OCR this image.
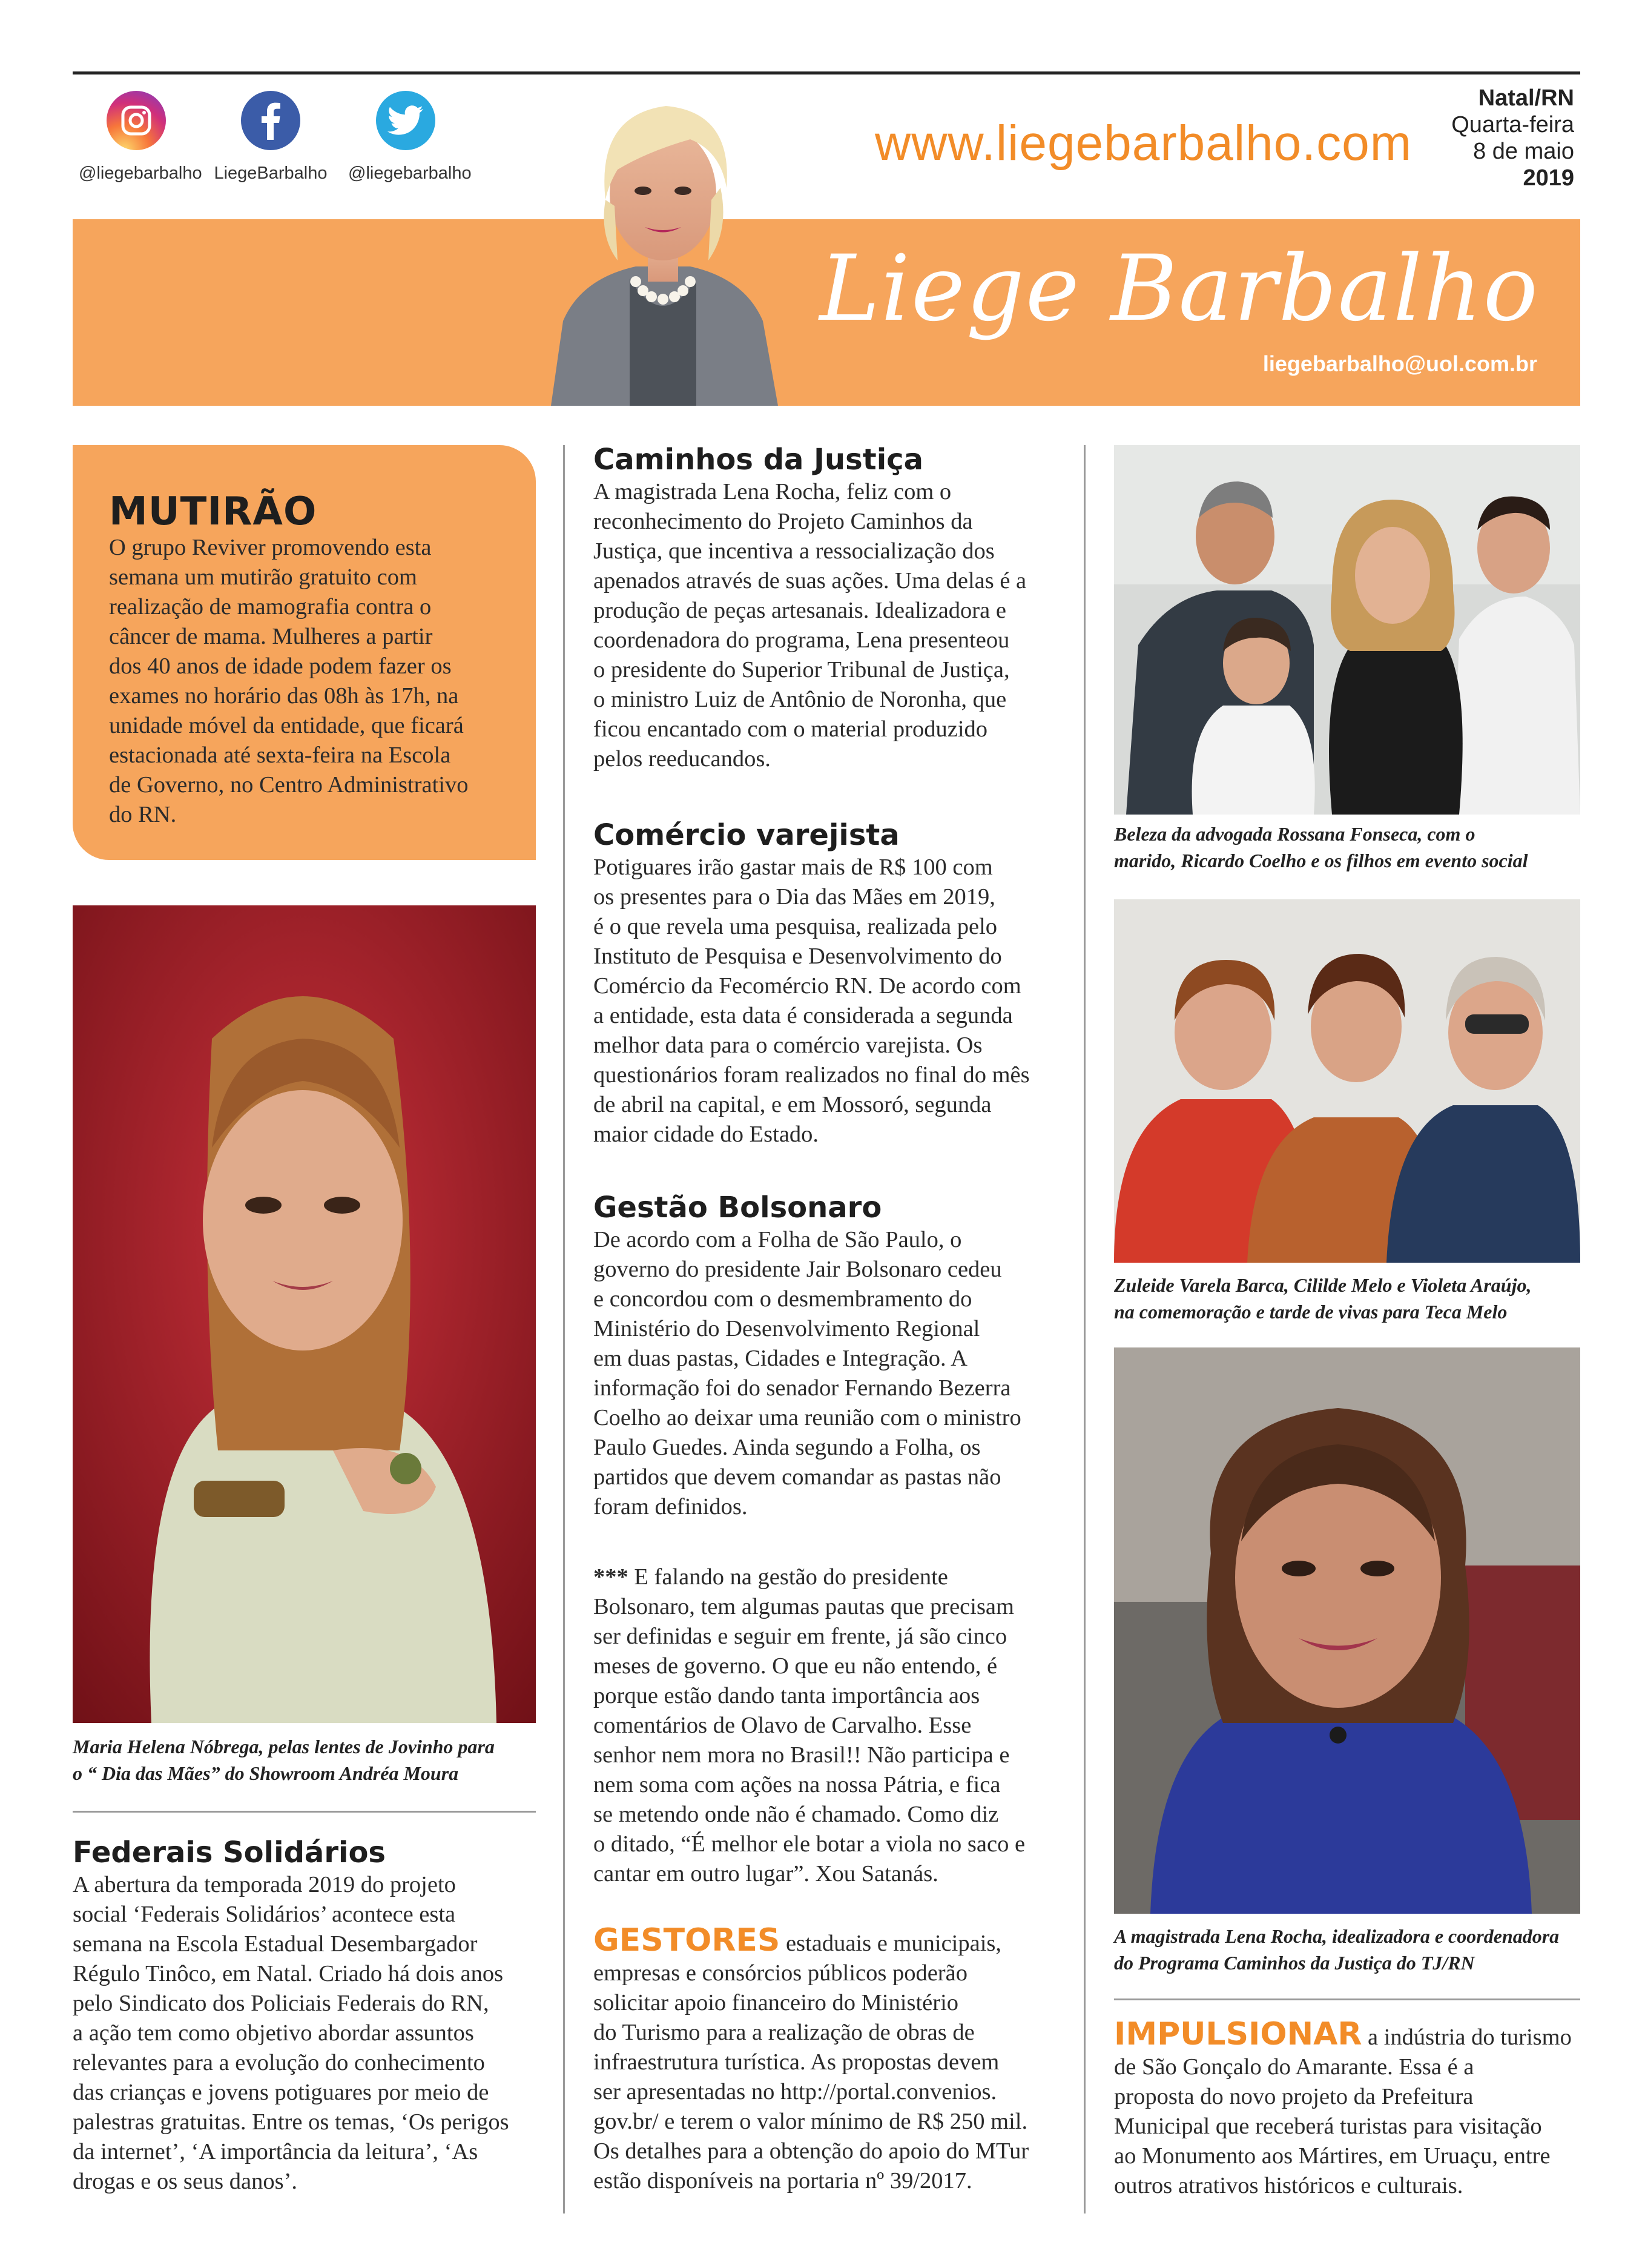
@liegebarbalho LiegeBarbalho @liegebarbalho
www.liegebarbalho.com
Natal/RN
Quarta-feira
8 de maio
2019
Liege Barbalho
liegebarbalho@uol.com.br
MUTIRÃO
O grupo Reviver promovendo esta
semana um mutirão gratuito com
realização de mamografia contra o
câncer de mama. Mulheres a partir
dos 40 anos de idade podem fazer os
exames no horário das 08h às 17h, na
unidade móvel da entidade, que ficará
estacionada até sexta-feira na Escola
de Governo, no Centro Administrativo
do RN.
Maria Helena Nóbrega, pelas lentes de Jovinho para
o “ Dia das Mães” do Showroom Andréa Moura
Federais Solidários
A abertura da temporada 2019 do projeto
social ‘Federais Solidários’ acontece esta
semana na Escola Estadual Desembargador
Régulo Tinôco, em Natal. Criado há dois anos
pelo Sindicato dos Policiais Federais do RN,
a ação tem como objetivo abordar assuntos
relevantes para a evolução do conhecimento
das crianças e jovens potiguares por meio de
palestras gratuitas. Entre os temas, ‘Os perigos
da internet’, ‘A importância da leitura’, ‘As
drogas e os seus danos’.
Caminhos da Justiça
A magistrada Lena Rocha, feliz com o
reconhecimento do Projeto Caminhos da
Justiça, que incentiva a ressocialização dos
apenados através de suas ações. Uma delas é a
produção de peças artesanais. Idealizadora e
coordenadora do programa, Lena presenteou
o presidente do Superior Tribunal de Justiça,
o ministro Luiz de Antônio de Noronha, que
ficou encantado com o material produzido
pelos reeducandos.
Comércio varejista
Potiguares irão gastar mais de R$ 100 com
os presentes para o Dia das Mães em 2019,
é o que revela uma pesquisa, realizada pelo
Instituto de Pesquisa e Desenvolvimento do
Comércio da Fecomércio RN. De acordo com
a entidade, esta data é considerada a segunda
melhor data para o comércio varejista. Os
questionários foram realizados no final do mês
de abril na capital, e em Mossoró, segunda
maior cidade do Estado.
Gestão Bolsonaro
De acordo com a Folha de São Paulo, o
governo do presidente Jair Bolsonaro cedeu
e concordou com o desmembramento do
Ministério do Desenvolvimento Regional
em duas pastas, Cidades e Integração. A
informação foi do senador Fernando Bezerra
Coelho ao deixar uma reunião com o ministro
Paulo Guedes. Ainda segundo a Folha, os
partidos que devem comandar as pastas não
foram definidos.
*** E falando na gestão do presidente
Bolsonaro, tem algumas pautas que precisam
ser definidas e seguir em frente, já são cinco
meses de governo. O que eu não entendo, é
porque estão dando tanta importância aos
comentários de Olavo de Carvalho. Esse
senhor nem mora no Brasil!! Não participa e
nem soma com ações na nossa Pátria, e fica
se metendo onde não é chamado. Como diz
o ditado, “É melhor ele botar a viola no saco e
cantar em outro lugar”. Xou Satanás.
GESTORES estaduais e municipais,
empresas e consórcios públicos poderão
solicitar apoio financeiro do Ministério
do Turismo para a realização de obras de
infraestrutura turística. As propostas devem
ser apresentadas no http://portal.convenios.
gov.br/ e terem o valor mínimo de R$ 250 mil.
Os detalhes para a obtenção do apoio do MTur
estão disponíveis na portaria nº 39/2017.
Beleza da advogada Rossana Fonseca, com o
marido, Ricardo Coelho e os filhos em evento social
Zuleide Varela Barca, Cililde Melo e Violeta Araújo,
na comemoração e tarde de vivas para Teca Melo
A magistrada Lena Rocha, idealizadora e coordenadora
do Programa Caminhos da Justiça do TJ/RN
IMPULSIONAR a indústria do turismo
de São Gonçalo do Amarante. Essa é a
proposta do novo projeto da Prefeitura
Municipal que receberá turistas para visitação
ao Monumento aos Mártires, em Uruaçu, entre
outros atrativos históricos e culturais.
